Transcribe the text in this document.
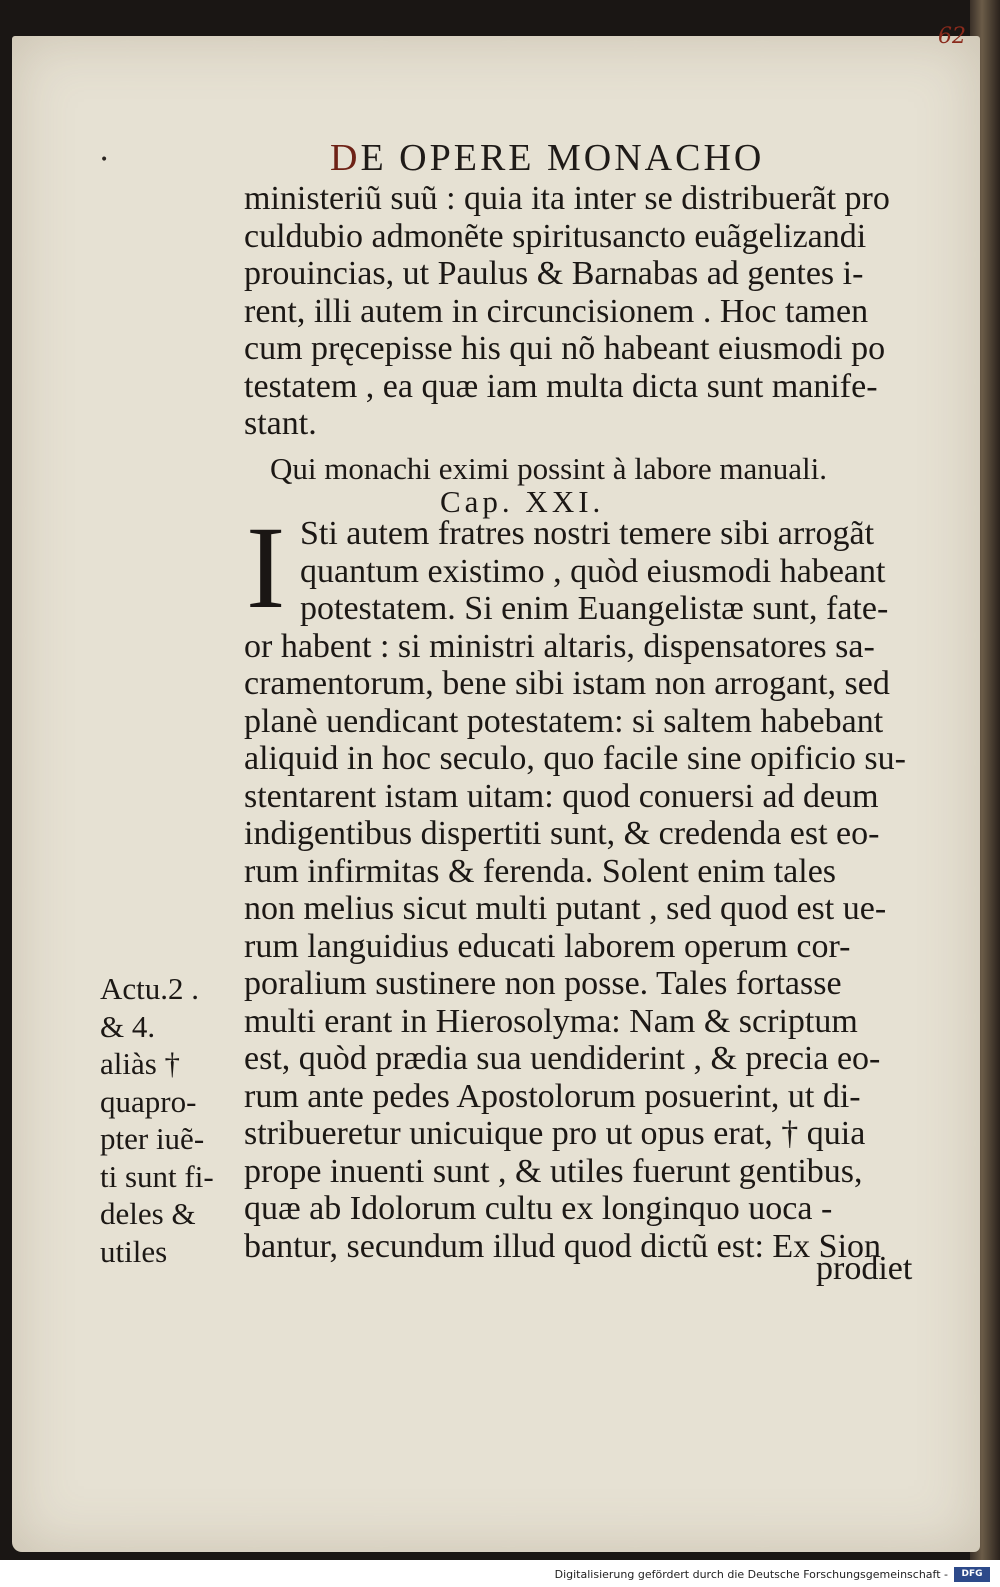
62
•	DE OPERE MONACHO
ministeriũ suũ : quia ita inter se distribuerãt pro
culdubio admonẽte spiritusancto euãgelizandi
prouincias, ut Paulus & Barnabas ad gentes i-
rent, illi autem in circuncisionem . Hoc tamen
cum pręcepisse his qui nõ habeant eiusmodi po
testatem , ea quæ iam multa dicta sunt manife-
stant.
Qui monachi eximi possint à labore manuali.
Cap. XXI.
I Sti autem fratres nostri temere sibi arrogãt
quantum existimo , quòd eiusmodi habeant
potestatem. Si enim Euangelistæ sunt, fate-
or habent : si ministri altaris, dispensatores sa-
cramentorum, bene sibi istam non arrogant, sed
planè uendicant potestatem: si saltem habebant
aliquid in hoc seculo, quo facile sine opificio su-
stentarent istam uitam: quod conuersi ad deum
indigentibus dispertiti sunt, & credenda est eo-
rum infirmitas & ferenda. Solent enim tales
non melius sicut multi putant , sed quod est ue-
rum languidius educati laborem operum cor-
poralium sustinere non posse. Tales fortasse
multi erant in Hierosolyma: Nam & scriptum
est, quòd prædia sua uendiderint , & precia eo-
rum ante pedes Apostolorum posuerint, ut di-
stribueretur unicuique pro ut opus erat, † quia
prope inuenti sunt , & utiles fuerunt gentibus,
quæ ab Idolorum cultu ex longinquo uoca -
bantur, secundum illud quod dictũ est: Ex Sion
Actu.2 .
& 4.
aliàs †
quapro-
pter iuẽ-
ti sunt fi-
deles &
utiles	prodiet
Digitalisierung gefördert durch die Deutsche Forschungsgemeinschaft -	DFG
